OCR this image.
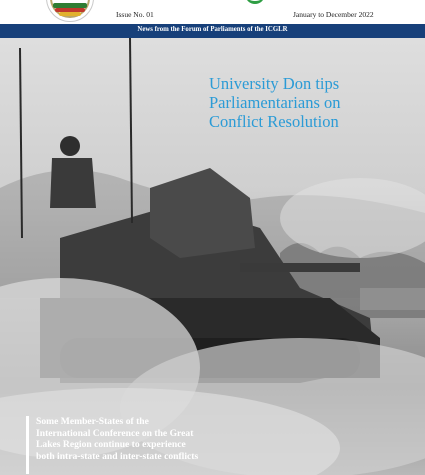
Issue No. 01	January to December 2022
News from the Forum of Parliaments of the ICGLR
University Don tips
Parliamentarians on
Conflict Resolution
Some Member-States of the
International Conference on the Great
Lakes Region continue to experience
both intra-state and inter-state conflicts
